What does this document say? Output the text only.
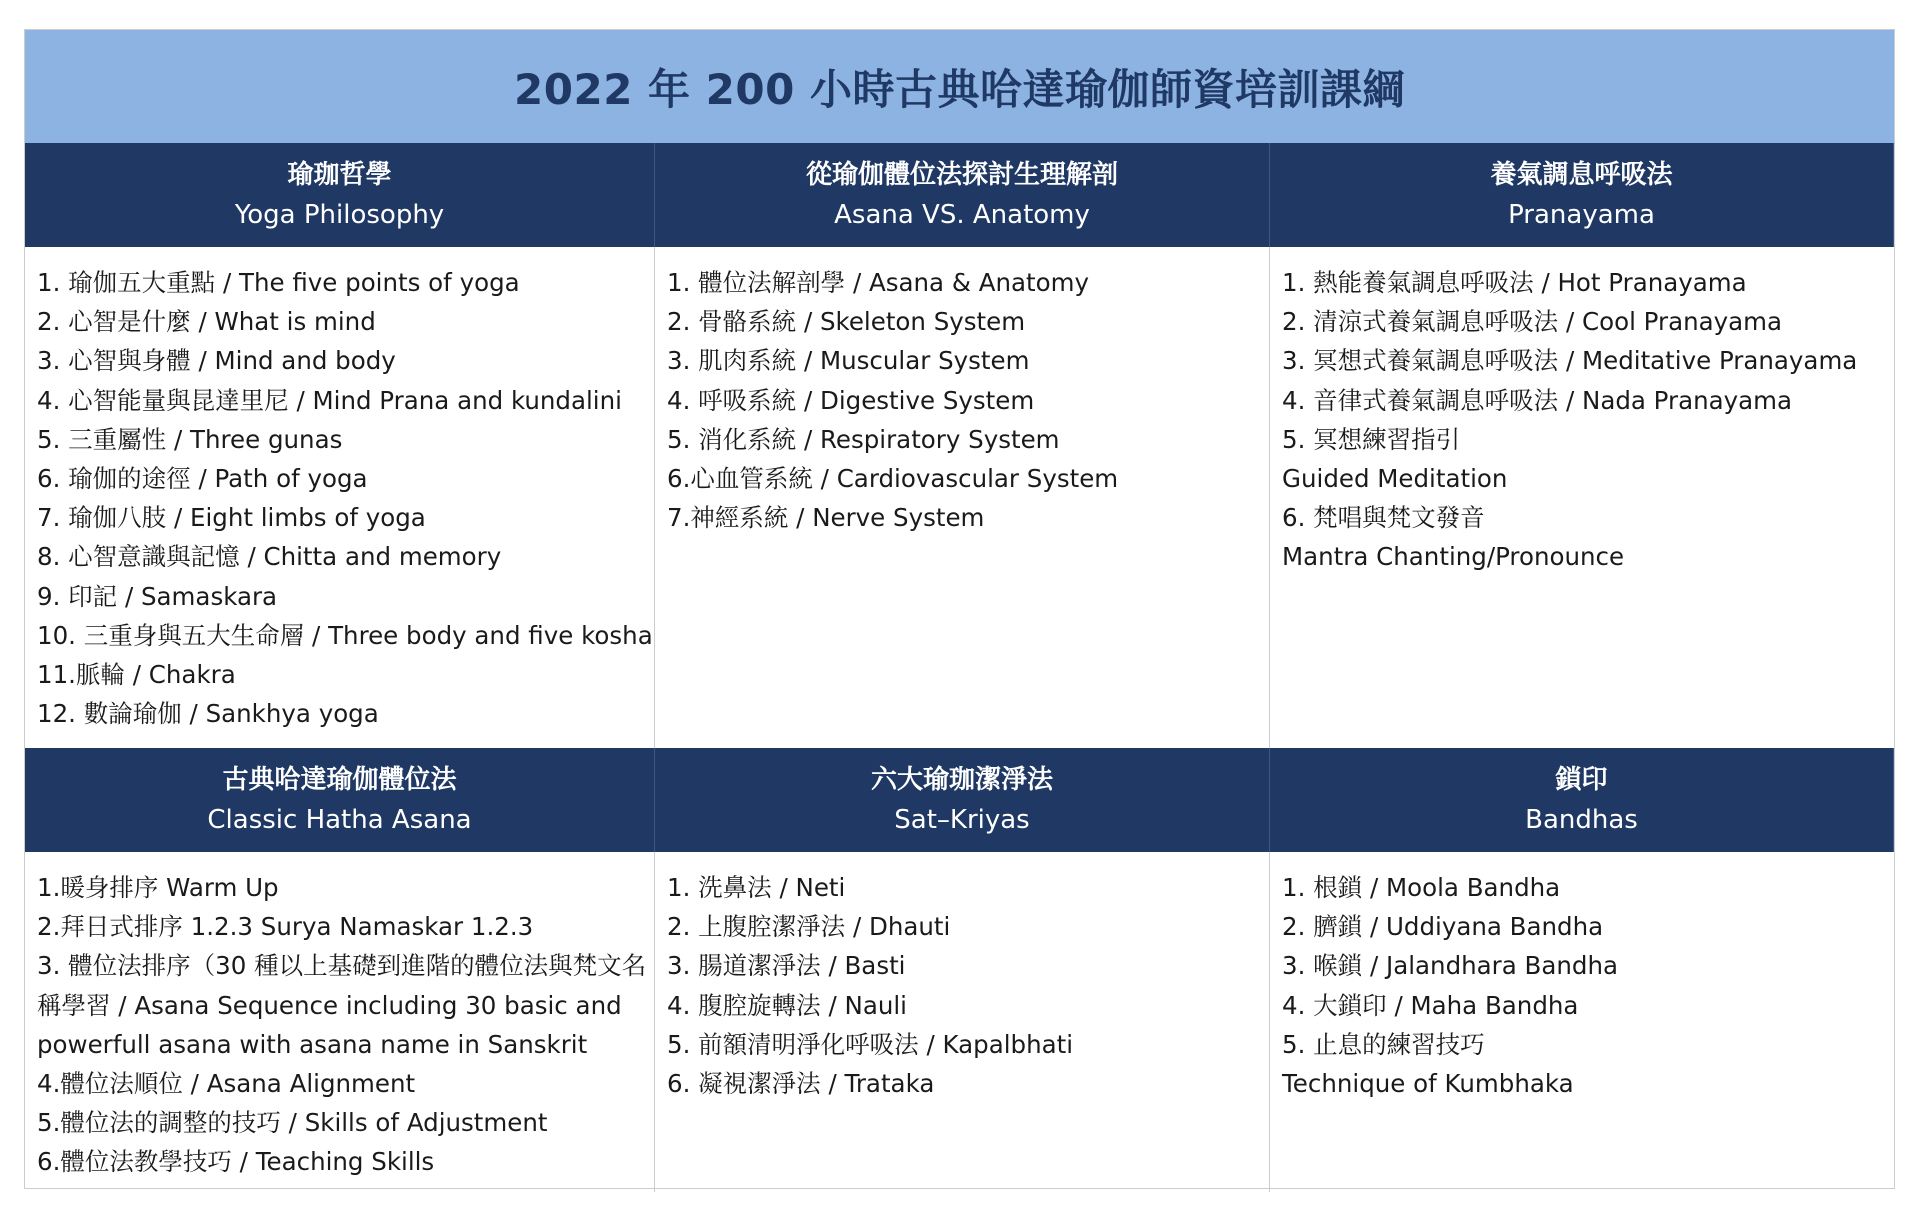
2022 年 200 小時古典哈達瑜伽師資培訓課綱
瑜珈哲學
Yoga Philosophy
從瑜伽體位法探討生理解剖
Asana VS. Anatomy
養氣調息呼吸法
Pranayama
1. 瑜伽五大重點 / The five points of yoga
2. 心智是什麼 / What is mind
3. 心智與身體 / Mind and body
4. 心智能量與昆達里尼 / Mind Prana and kundalini
5. 三重屬性 / Three gunas
6. 瑜伽的途徑 / Path of yoga
7. 瑜伽八肢 / Eight limbs of yoga
8. 心智意識與記憶 / Chitta and memory
9. 印記 / Samaskara
10. 三重身與五大生命層 / Three body and five kosha
11.脈輪 / Chakra
12. 數論瑜伽 / Sankhya yoga
1. 體位法解剖學 / Asana & Anatomy
2. 骨骼系統 / Skeleton System
3. 肌肉系統 / Muscular System
4. 呼吸系統 / Digestive System
5. 消化系統 / Respiratory System
6.心血管系統 / Cardiovascular System
7.神經系統 / Nerve System
1. 熱能養氣調息呼吸法 / Hot Pranayama
2. 清涼式養氣調息呼吸法 / Cool Pranayama
3. 冥想式養氣調息呼吸法 / Meditative Pranayama
4. 音律式養氣調息呼吸法 / Nada Pranayama
5. 冥想練習指引
Guided Meditation
6. 梵唱與梵文發音
Mantra Chanting/Pronounce
古典哈達瑜伽體位法
Classic Hatha Asana
六大瑜珈潔淨法
Sat–Kriyas
鎖印
Bandhas
1.暖身排序 Warm Up
2.拜日式排序 1.2.3 Surya Namaskar 1.2.3
3. 體位法排序（30 種以上基礎到進階的體位法與梵文名
稱學習 / Asana Sequence including 30 basic and
powerfull asana with asana name in Sanskrit
4.體位法順位 / Asana Alignment
5.體位法的調整的技巧 / Skills of Adjustment
6.體位法教學技巧 / Teaching Skills
1. 洗鼻法 / Neti
2. 上腹腔潔淨法 / Dhauti
3. 腸道潔淨法 / Basti
4. 腹腔旋轉法 / Nauli
5. 前額清明淨化呼吸法 / Kapalbhati
6. 凝視潔淨法 / Trataka
1. 根鎖 / Moola Bandha
2. 臍鎖 / Uddiyana Bandha
3. 喉鎖 / Jalandhara Bandha
4. 大鎖印 / Maha Bandha
5. 止息的練習技巧
Technique of Kumbhaka
